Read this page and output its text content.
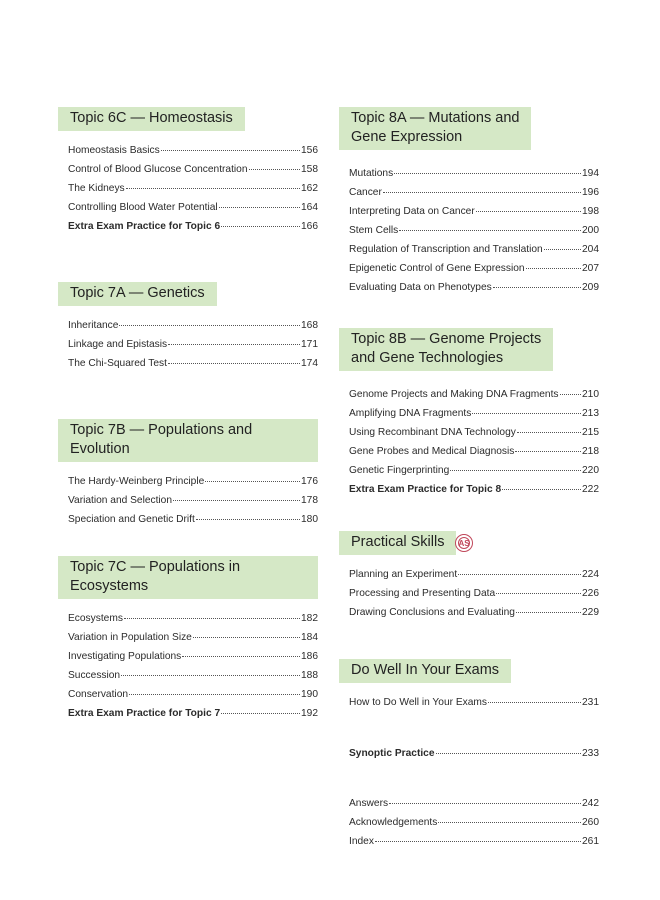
Topic 6C — Homeostasis
Homeostasis Basics	156
Control of Blood Glucose Concentration	158
The Kidneys	162
Controlling Blood Water Potential	164
Extra Exam Practice for Topic 6	166
Topic 7A — Genetics
Inheritance	168
Linkage and Epistasis	171
The Chi-Squared Test	174
Topic 7B — Populations and Evolution
The Hardy-Weinberg Principle	176
Variation and Selection	178
Speciation and Genetic Drift	180
Topic 7C — Populations in Ecosystems
Ecosystems	182
Variation in Population Size	184
Investigating Populations	186
Succession	188
Conservation	190
Extra Exam Practice for Topic 7	192
Topic 8A — Mutations and
Gene Expression
Mutations	194
Cancer	196
Interpreting Data on Cancer	198
Stem Cells	200
Regulation of Transcription and Translation	204
Epigenetic Control of Gene Expression	207
Evaluating Data on Phenotypes	209
Topic 8B — Genome Projects
and Gene Technologies
Genome Projects and Making DNA Fragments 210
Amplifying DNA Fragments	213
Using Recombinant DNA Technology	215
Gene Probes and Medical Diagnosis	218
Genetic Fingerprinting	220
Extra Exam Practice for Topic 8	222
Practical Skills	AS
Planning an Experiment	224
Processing and Presenting Data	226
Drawing Conclusions and Evaluating	229
Do Well In Your Exams
How to Do Well in Your Exams	231
Synoptic Practice	233
Answers	242
Acknowledgements	260
Index	261
